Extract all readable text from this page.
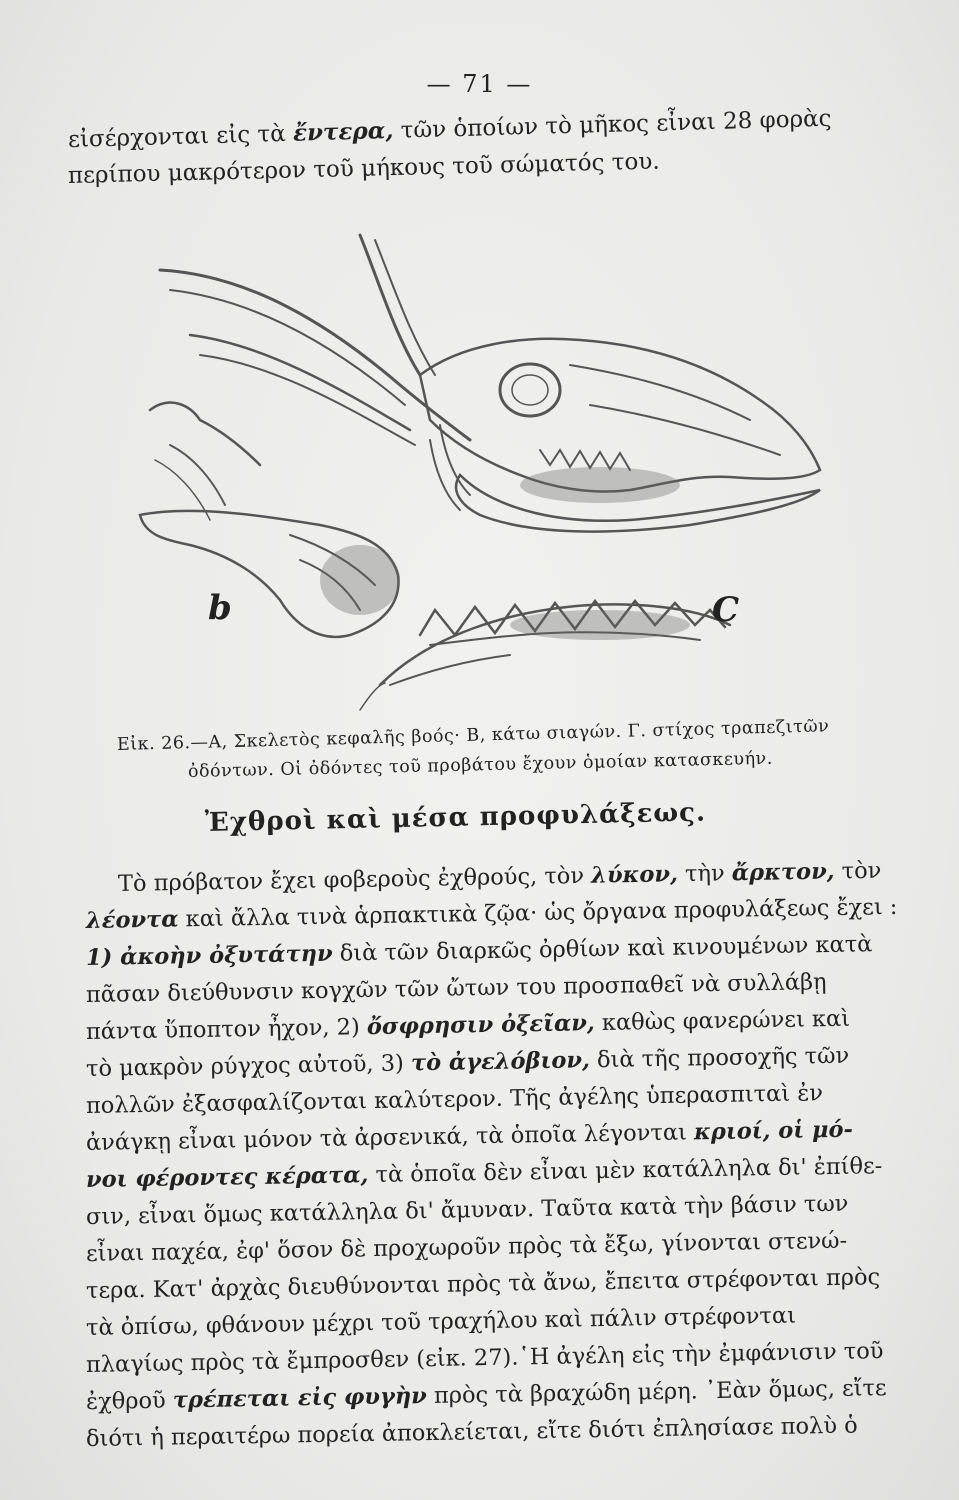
— 71 —
εἰσέρχονται εἰς τὰ ἔντερα, τῶν ὁποίων τὸ μῆκος εἶναι 28 φορὰς
περίπου μακρότερον τοῦ μήκους τοῦ σώματός του.
b	C
Εἰκ. 26.—A, Σκελετὸς κεφαλῆς βοός· B, κάτω σιαγών. Γ. στίχος τραπεζιτῶν
ὀδόντων. Οἱ ὀδόντες τοῦ προβάτου ἔχουν ὁμοίαν κατασκευήν.
Ἐχθροὶ καὶ μέσα προφυλάξεως.
Τὸ πρόβατον ἔχει φοβεροὺς ἐχθρούς, τὸν λύκον, τὴν ἄρκτον, τὸν
λέοντα καὶ ἄλλα τινὰ ἁρπακτικὰ ζῷα· ὡς ὄργανα προφυλάξεως ἔχει :
1) ἀκοὴν ὀξυτάτην διὰ τῶν διαρκῶς ὀρθίων καὶ κινουμένων κατὰ
πᾶσαν διεύθυνσιν κογχῶν τῶν ὤτων του προσπαθεῖ νὰ συλλάβῃ
πάντα ὕποπτον ἦχον, 2) ὄσφρησιν ὀξεῖαν, καθὼς φανερώνει καὶ
τὸ μακρὸν ρύγχος αὐτοῦ, 3) τὸ ἀγελόβιον, διὰ τῆς προσοχῆς τῶν
πολλῶν ἐξασφαλίζονται καλύτερον. Τῆς ἀγέλης ὑπερασπιταὶ ἐν
ἀνάγκῃ εἶναι μόνον τὰ ἀρσενικά, τὰ ὁποῖα λέγονται κριοί, οἱ μό-
νοι φέροντες κέρατα, τὰ ὁποῖα δὲν εἶναι μὲν κατάλληλα δι' ἐπίθε-
σιν, εἶναι ὅμως κατάλληλα δι' ἄμυναν. Ταῦτα κατὰ τὴν βάσιν των
εἶναι παχέα, ἐφ' ὅσον δὲ προχωροῦν πρὸς τὰ ἔξω, γίνονται στενώ-
τερα. Κατ' ἀρχὰς διευθύνονται πρὸς τὰ ἄνω, ἔπειτα στρέφονται πρὸς
τὰ ὀπίσω, φθάνουν μέχρι τοῦ τραχήλου καὶ πάλιν στρέφονται
πλαγίως πρὸς τὰ ἔμπροσθεν (εἰκ. 27).῾Η ἀγέλη εἰς τὴν ἐμφάνισιν τοῦ
ἐχθροῦ τρέπεται εἰς φυγὴν πρὸς τὰ βραχώδη μέρη. ᾿Εὰν ὅμως, εἴτε
διότι ἡ περαιτέρω πορεία ἀποκλείεται, εἴτε διότι ἐπλησίασε πολὺ ὁ
